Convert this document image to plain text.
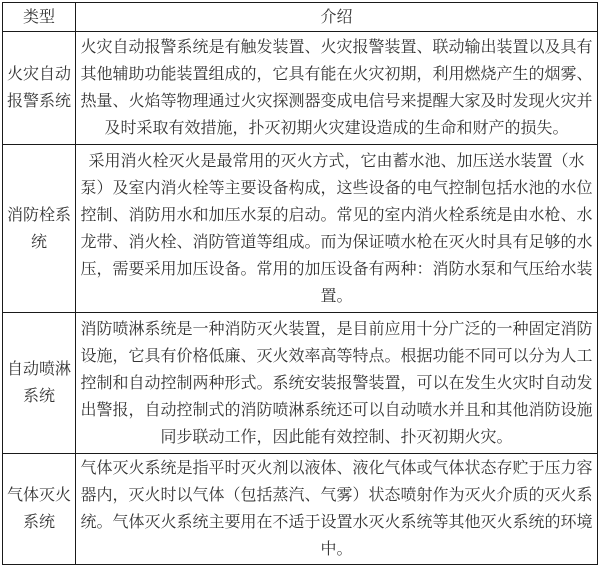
类型	介绍
火灾自动报警系统	火灾自动报警系统是有触发装置、火灾报警装置、联动输出装置以及具有其他辅助功能装置组成的，它具有能在火灾初期，利用燃烧产生的烟雾、热量、火焰等物理通过火灾探测器变成电信号来提醒大家及时发现火灾并及时采取有效措施，扑灭初期火灾建设造成的生命和财产的损失。
消防栓系统	采用消火栓灭火是最常用的灭火方式，它由蓄水池、加压送水装置（水泵）及室内消火栓等主要设备构成，这些设备的电气控制包括水池的水位控制、消防用水和加压水泵的启动。常见的室内消火栓系统是由水枪、水龙带、消火栓、消防管道等组成。而为保证喷水枪在灭火时具有足够的水压，需要采用加压设备。常用的加压设备有两种：消防水泵和气压给水装置。
自动喷淋系统	消防喷淋系统是一种消防灭火装置，是目前应用十分广泛的一种固定消防设施，它具有价格低廉、灭火效率高等特点。根据功能不同可以分为人工控制和自动控制两种形式。系统安装报警装置，可以在发生火灾时自动发出警报，自动控制式的消防喷淋系统还可以自动喷水并且和其他消防设施同步联动工作，因此能有效控制、扑灭初期火灾。
气体灭火系统	气体灭火系统是指平时灭火剂以液体、液化气体或气体状态存贮于压力容器内，灭火时以气体（包括蒸汽、气雾）状态喷射作为灭火介质的灭火系统。气体灭火系统主要用在不适于设置水灭火系统等其他灭火系统的环境中。
